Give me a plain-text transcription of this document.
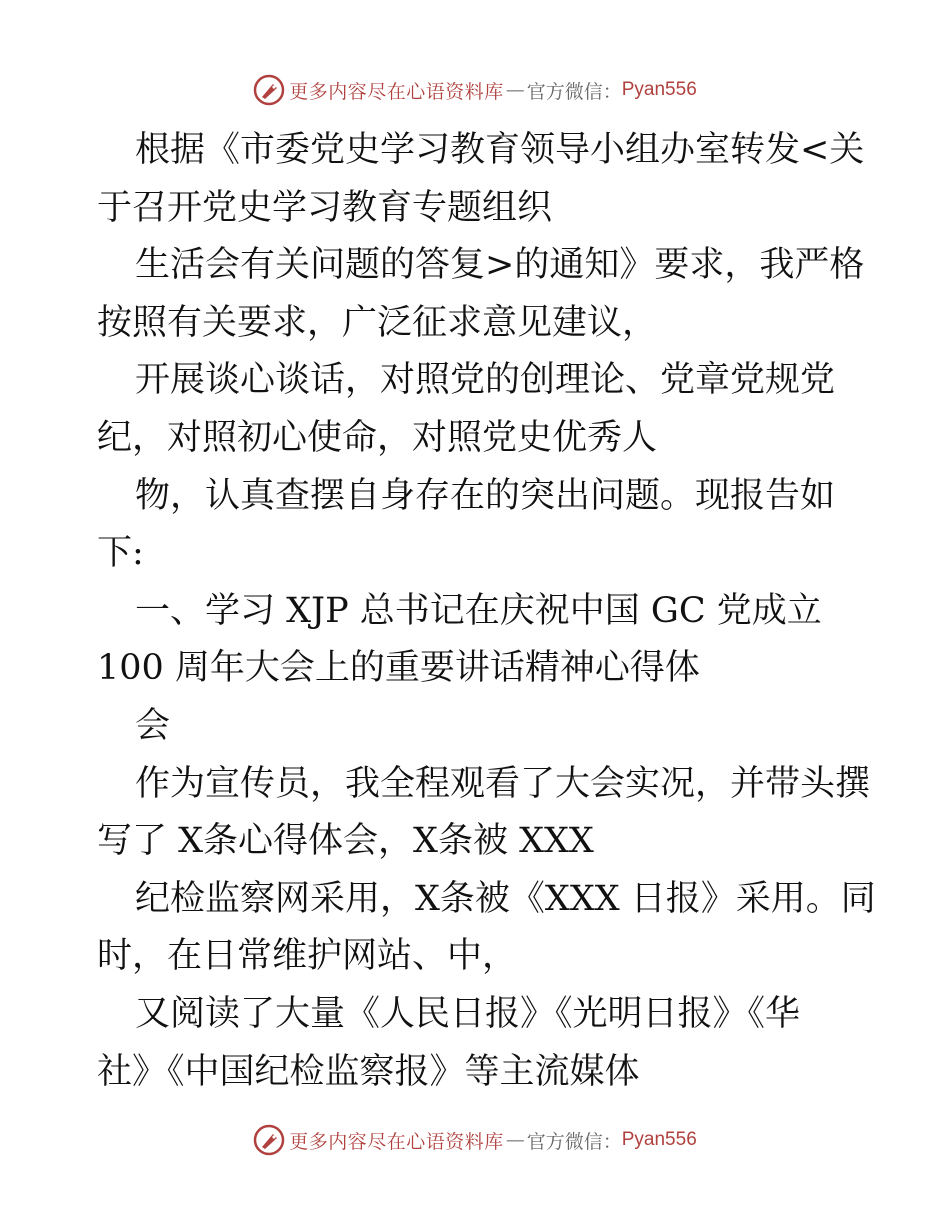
更多内容尽在心语资料库 — 官方微信： Pyan556
根据《市委党史学习教育领导小组办室转发<关
于召开党史学习教育专题组织
生活会有关问题的答复>的通知》要求，我严格
按照有关要求，广泛征求意见建议，
开展谈心谈话，对照党的创理论、党章党规党
纪，对照初心使命，对照党史优秀人
物，认真查摆自身存在的突出问题。现报告如
下:
一、学习 XJP 总书记在庆祝中国 GC 党成立
100 周年大会上的重要讲话精神心得体
会
作为宣传员，我全程观看了大会实况，并带头撰
写了 X条心得体会，X条被 XXX
纪检监察网采用，X条被《XXX 日报》采用。同
时，在日常维护网站、中，
又阅读了大量《人民日报》《光明日报》《华
社》《中国纪检监察报》等主流媒体
更多内容尽在心语资料库 — 官方微信： Pyan556
